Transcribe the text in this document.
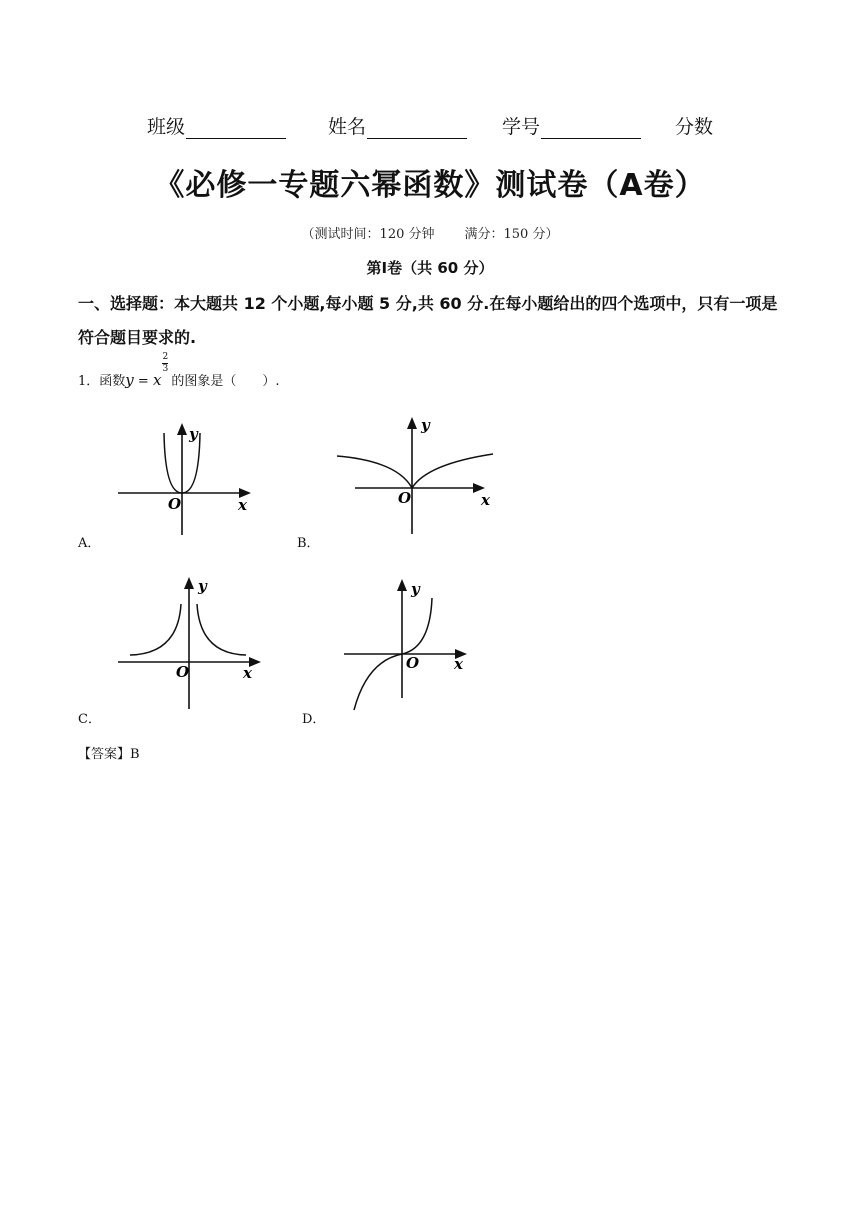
班级	姓名	学号	分数
《必修一专题六幂函数》测试卷（A卷）
（测试时间：120 分钟 满分：150 分）
第Ⅰ卷（共 60 分）
一、选择题：本大题共 12 个小题,每小题 5 分,共 60 分.在每小题给出的四个选项中，只有一项是符合题目要求的.
1．函数y = x
2
3
的图象是（　　）.
y
x
O
A．
y
x
O
B．
y
x
O
C．
y
x
O
D．
【答案】B
